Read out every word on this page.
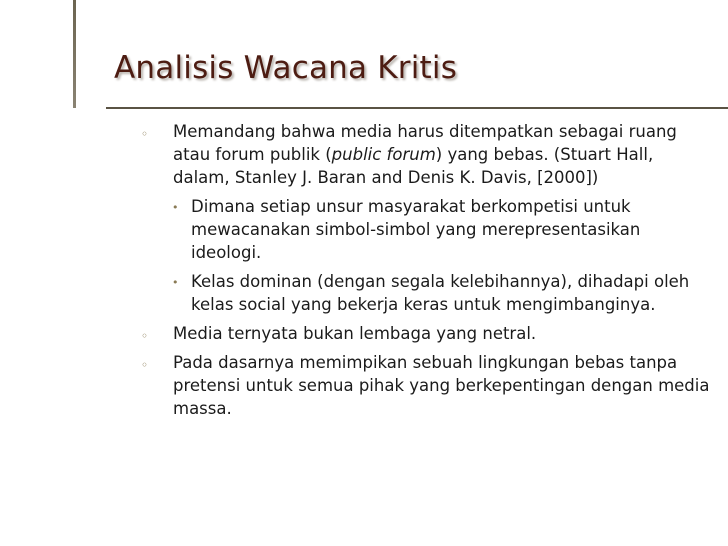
Analisis Wacana Kritis
◦ Memandang bahwa media harus ditempatkan sebagai ruang atau forum publik (public forum) yang bebas. (Stuart Hall, dalam, Stanley J. Baran and Denis K. Davis, [2000])
• Dimana setiap unsur masyarakat berkompetisi untuk mewacanakan simbol-simbol yang merepresentasikan ideologi.
• Kelas dominan (dengan segala kelebihannya), dihadapi oleh kelas social yang bekerja keras untuk mengimbanginya.
◦ Media ternyata bukan lembaga yang netral.
◦ Pada dasarnya memimpikan sebuah lingkungan bebas tanpa pretensi untuk semua pihak yang berkepentingan dengan media massa.
